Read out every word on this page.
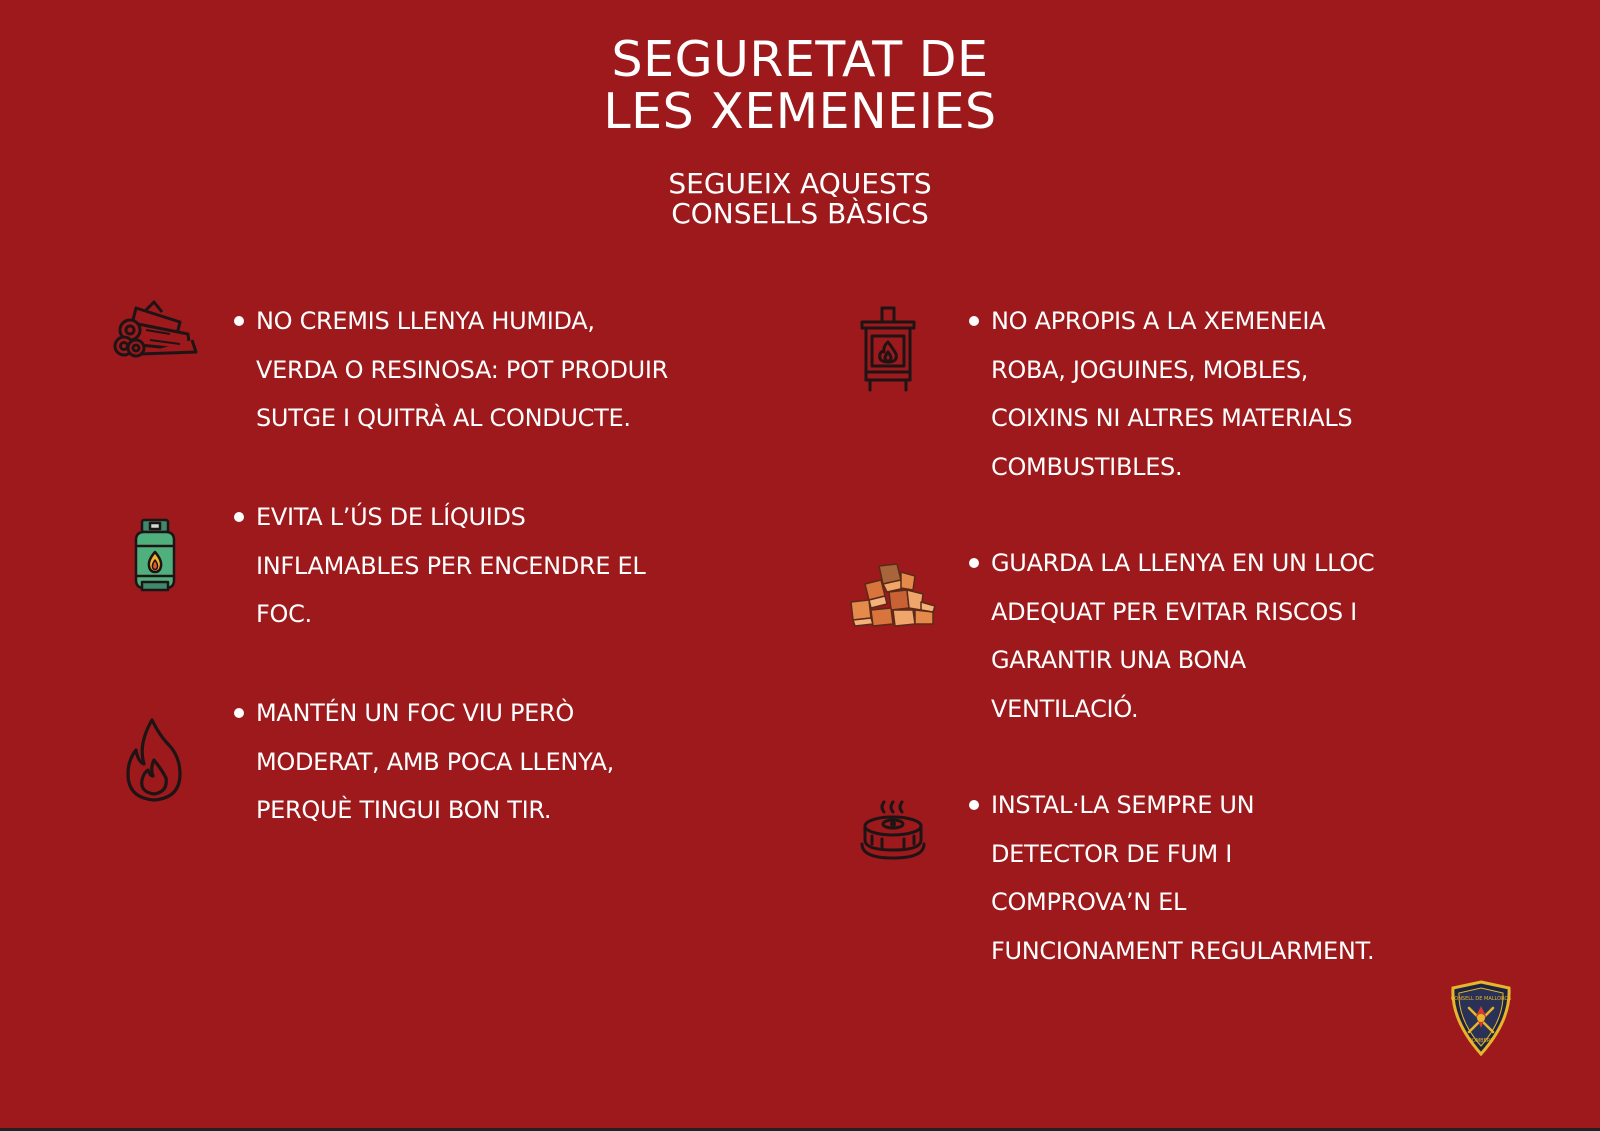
SEGURETAT DE
LES XEMENEIES
SEGUEIX AQUESTS
CONSELLS BÀSICS
NO CREMIS LLENYA HUMIDA,
VERDA O RESINOSA: POT PRODUIR
SUTGE I QUITRÀ AL CONDUCTE.
EVITA L’ÚS DE LÍQUIDS
INFLAMABLES PER ENCENDRE EL
FOC.
MANTÉN UN FOC VIU PERÒ
MODERAT, AMB POCA LLENYA,
PERQUÈ TINGUI BON TIR.
NO APROPIS A LA XEMENEIA
ROBA, JOGUINES, MOBLES,
COIXINS NI ALTRES MATERIALS
COMBUSTIBLES.
GUARDA LA LLENYA EN UN LLOC
ADEQUAT PER EVITAR RISCOS I
GARANTIR UNA BONA
VENTILACIÓ.
INSTAL·LA SEMPRE UN
DETECTOR DE FUM I
COMPROVA’N EL
FUNCIONAMENT REGULARMENT.
CONSELL DE MALLORCA
BOMBERS
